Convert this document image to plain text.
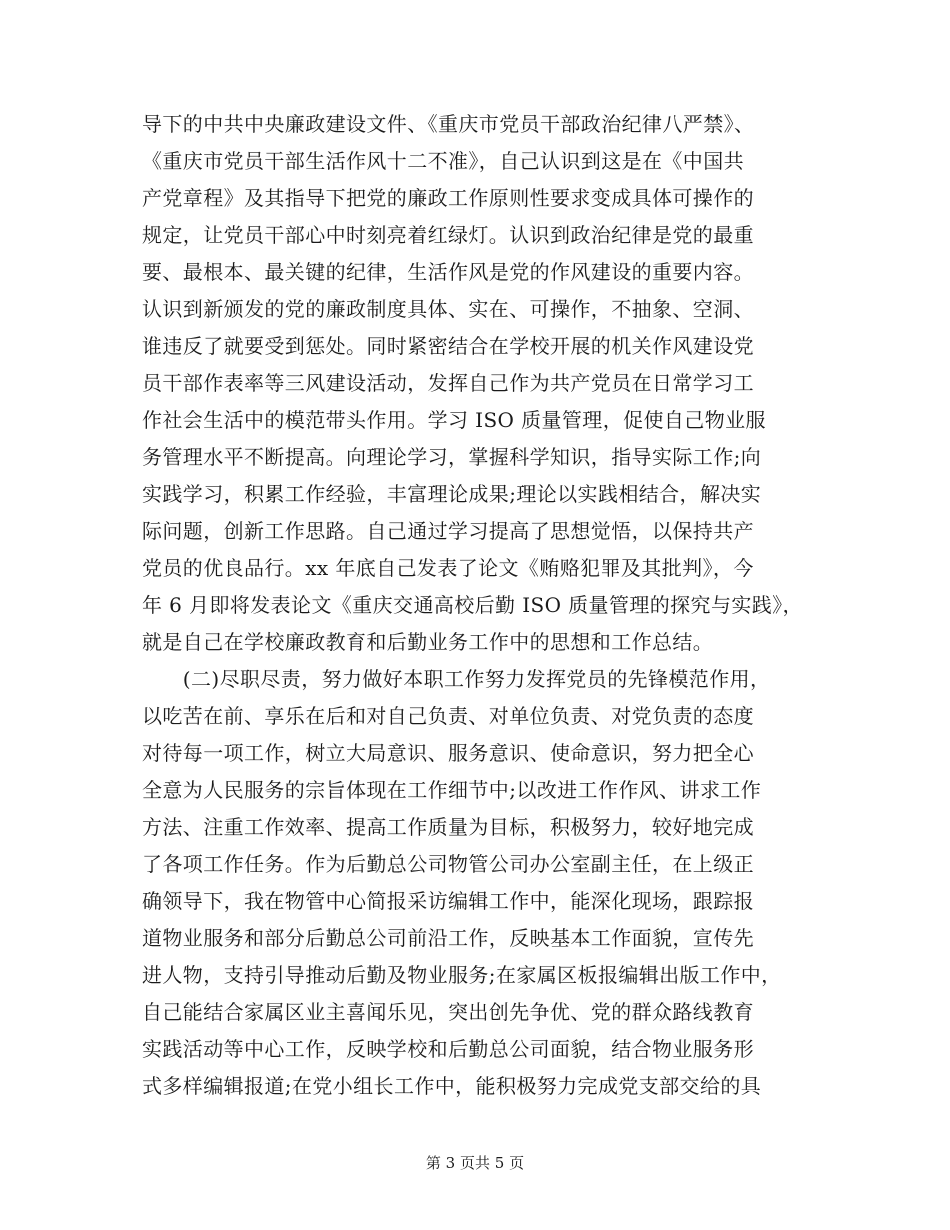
导下的中共中央廉政建设文件、《重庆市党员干部政治纪律八严禁》、
《重庆市党员干部生活作风十二不准》，自己认识到这是在《中国共
产党章程》及其指导下把党的廉政工作原则性要求变成具体可操作的
规定，让党员干部心中时刻亮着红绿灯。认识到政治纪律是党的最重
要、最根本、最关键的纪律，生活作风是党的作风建设的重要内容。
认识到新颁发的党的廉政制度具体、实在、可操作，不抽象、空洞、
谁违反了就要受到惩处。同时紧密结合在学校开展的机关作风建设党
员干部作表率等三风建设活动，发挥自己作为共产党员在日常学习工
作社会生活中的模范带头作用。学习 ISO 质量管理，促使自己物业服
务管理水平不断提高。向理论学习，掌握科学知识，指导实际工作;向
实践学习，积累工作经验，丰富理论成果;理论以实践相结合，解决实
际问题，创新工作思路。自己通过学习提高了思想觉悟，以保持共产
党员的优良品行。xx 年底自己发表了论文《贿赂犯罪及其批判》，今
年 6 月即将发表论文《重庆交通高校后勤 ISO 质量管理的探究与实践》，
就是自己在学校廉政教育和后勤业务工作中的思想和工作总结。
　　(二)尽职尽责，努力做好本职工作努力发挥党员的先锋模范作用，
以吃苦在前、享乐在后和对自己负责、对单位负责、对党负责的态度
对待每一项工作，树立大局意识、服务意识、使命意识，努力把全心
全意为人民服务的宗旨体现在工作细节中;以改进工作作风、讲求工作
方法、注重工作效率、提高工作质量为目标，积极努力，较好地完成
了各项工作任务。作为后勤总公司物管公司办公室副主任，在上级正
确领导下，我在物管中心简报采访编辑工作中，能深化现场，跟踪报
道物业服务和部分后勤总公司前沿工作，反映基本工作面貌，宣传先
进人物，支持引导推动后勤及物业服务;在家属区板报编辑出版工作中，
自己能结合家属区业主喜闻乐见，突出创先争优、党的群众路线教育
实践活动等中心工作，反映学校和后勤总公司面貌，结合物业服务形
式多样编辑报道;在党小组长工作中，能积极努力完成党支部交给的具
第 3 页共 5 页
